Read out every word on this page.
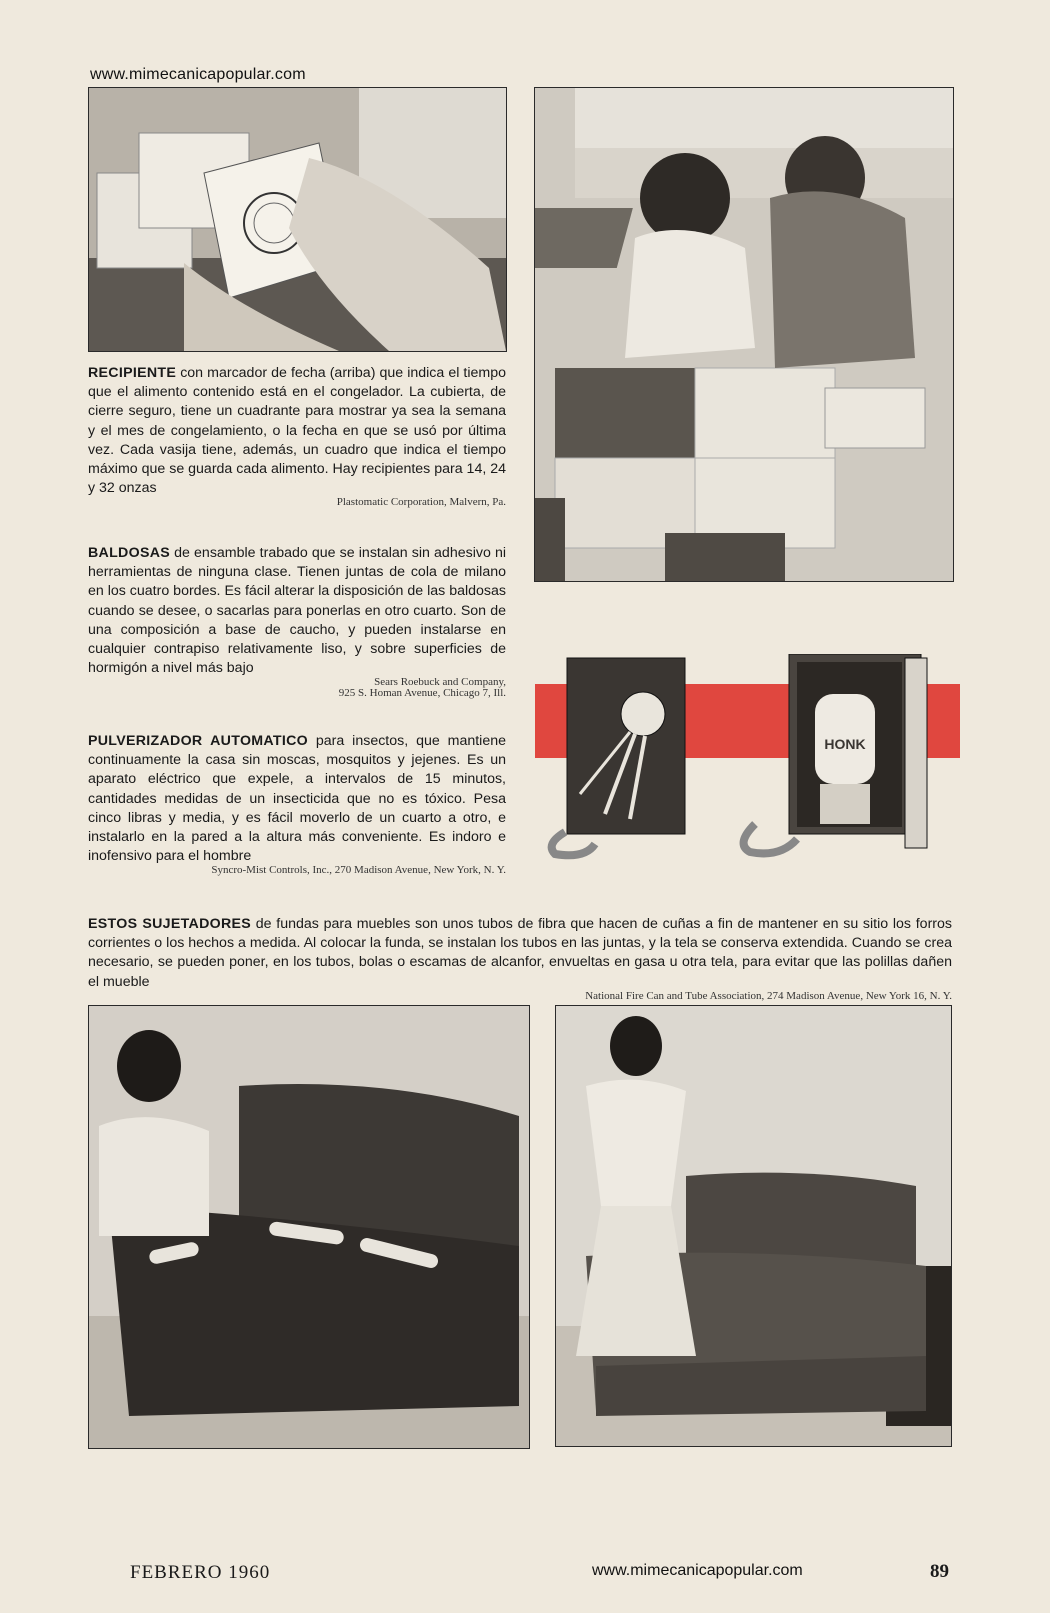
www.mimecanicapopular.com
RECIPIENTE con marcador de fecha (arriba) que indica el tiempo que el alimento contenido está en el congelador. La cubierta, de cierre seguro, tiene un cuadrante para mostrar ya sea la semana y el mes de congelamiento, o la fecha en que se usó por última vez. Cada vasija tiene, además, un cuadro que indica el tiempo máximo que se guarda cada alimento. Hay recipientes para 14, 24 y 32 onzas
Plastomatic Corporation, Malvern, Pa.
BALDOSAS de ensamble trabado que se instalan sin adhesivo ni herramientas de ninguna clase. Tienen juntas de cola de milano en los cuatro bordes. Es fácil alterar la disposición de las baldosas cuando se desee, o sacarlas para ponerlas en otro cuarto. Son de una composición a base de caucho, y pueden instalarse en cualquier contrapiso relativamente liso, y sobre superficies de hormigón a nivel más bajo
Sears Roebuck and Company,
925 S. Homan Avenue, Chicago 7, Ill.
PULVERIZADOR AUTOMATICO para insectos, que mantiene continuamente la casa sin moscas, mosquitos y jejenes. Es un aparato eléctrico que expele, a intervalos de 15 minutos, cantidades medidas de un insecticida que no es tóxico. Pesa cinco libras y media, y es fácil moverlo de un cuarto a otro, e instalarlo en la pared a la altura más conveniente. Es indoro e inofensivo para el hombre
Syncro-Mist Controls, Inc., 270 Madison Avenue, New York, N. Y.
HONK
ESTOS SUJETADORES de fundas para muebles son unos tubos de fibra que hacen de cuñas a fin de mantener en su sitio los forros corrientes o los hechos a medida. Al colocar la funda, se instalan los tubos en las juntas, y la tela se conserva extendida. Cuando se crea necesario, se pueden poner, en los tubos, bolas o escamas de alcanfor, envueltas en gasa u otra tela, para evitar que las polillas dañen el mueble
National Fire Can and Tube Association, 274 Madison Avenue, New York 16, N. Y.
FEBRERO 1960	www.mimecanicapopular.com	89
